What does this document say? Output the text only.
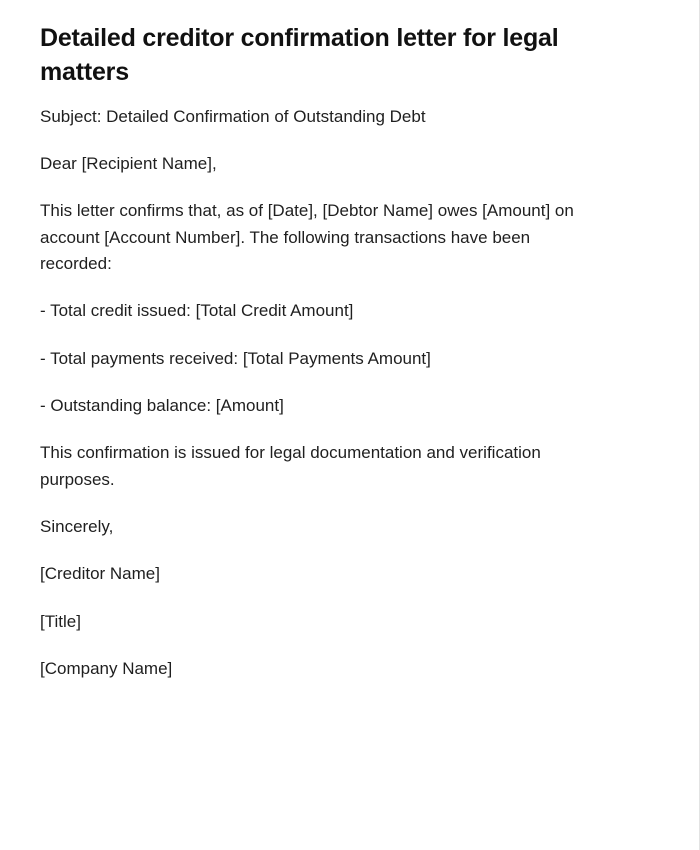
Detailed creditor confirmation letter for legal matters

Subject: Detailed Confirmation of Outstanding Debt

Dear [Recipient Name],

This letter confirms that, as of [Date], [Debtor Name] owes [Amount] on account [Account Number]. The following transactions have been recorded:

- Total credit issued: [Total Credit Amount]

- Total payments received: [Total Payments Amount]

- Outstanding balance: [Amount]

This confirmation is issued for legal documentation and verification purposes.

Sincerely,

[Creditor Name]

[Title]

[Company Name]
